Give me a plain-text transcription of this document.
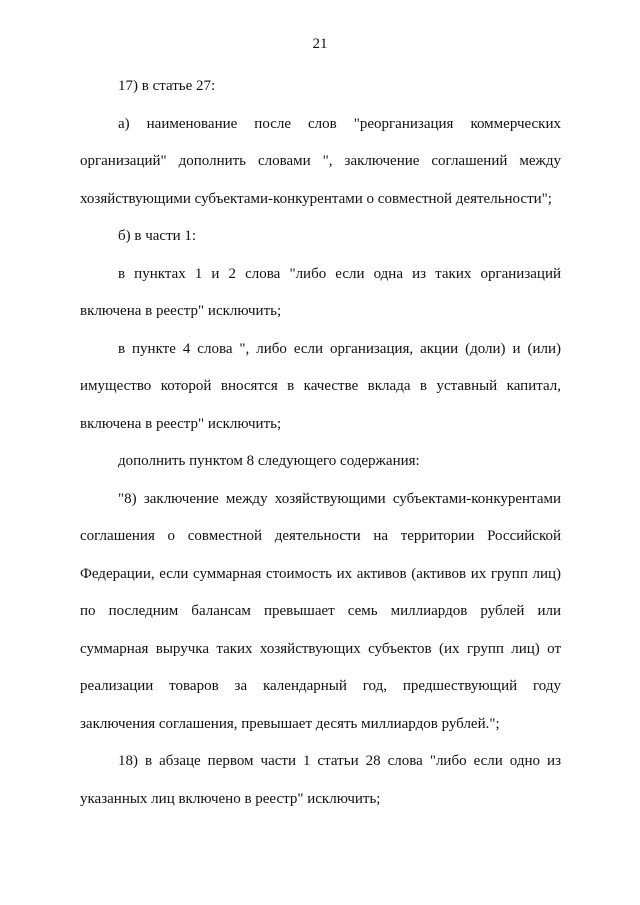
21

17) в статье 27:

а) наименование после слов "реорганизация коммерческих организаций" дополнить словами ", заключение соглашений между хозяйствующими субъектами-конкурентами о совместной деятельности";

б) в части 1:

в пунктах 1 и 2 слова "либо если одна из таких организаций включена в реестр" исключить;

в пункте 4 слова ", либо если организация, акции (доли) и (или) имущество которой вносятся в качестве вклада в уставный капитал, включена в реестр" исключить;

дополнить пунктом 8 следующего содержания:

"8) заключение между хозяйствующими субъектами-конкурентами соглашения о совместной деятельности на территории Российской Федерации, если суммарная стоимость их активов (активов их групп лиц) по последним балансам превышает семь миллиардов рублей или суммарная выручка таких хозяйствующих субъектов (их групп лиц) от реализации товаров за календарный год, предшествующий году заключения соглашения, превышает десять миллиардов рублей.";

18) в абзаце первом части 1 статьи 28 слова "либо если одно из указанных лиц включено в реестр" исключить;
